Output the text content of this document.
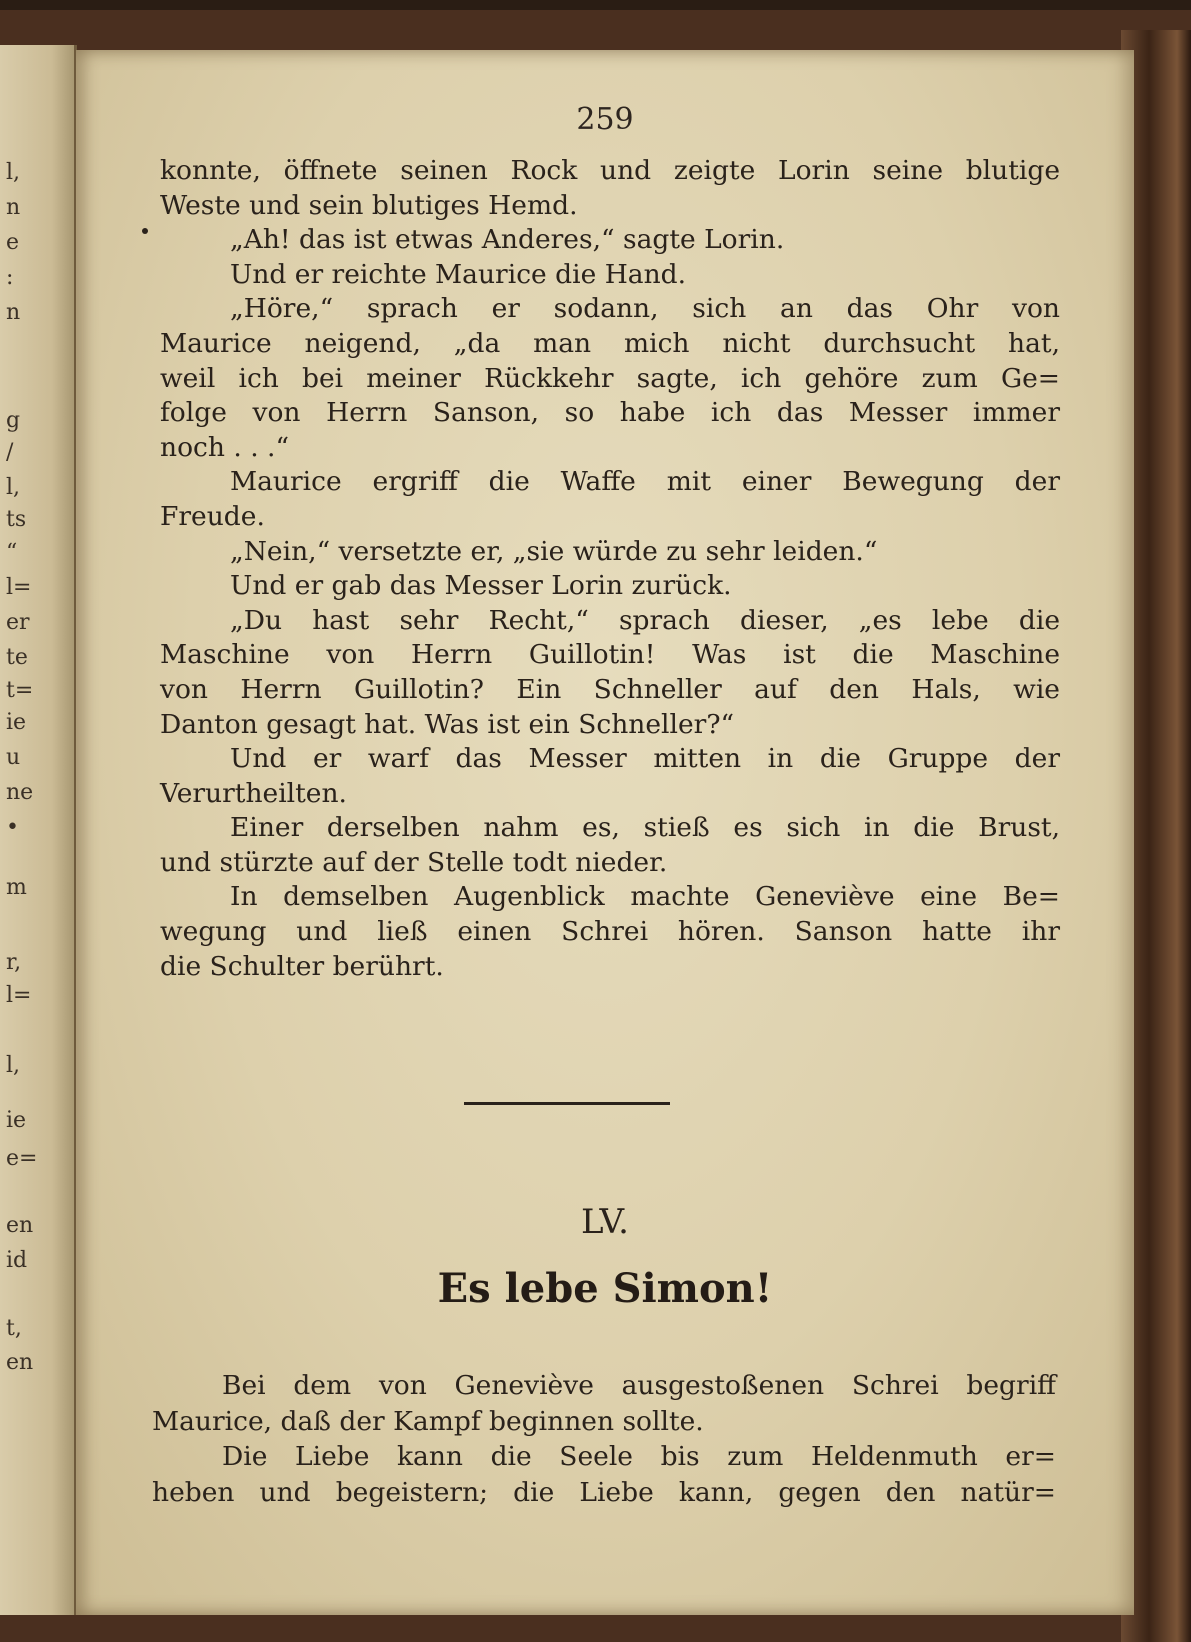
l,
n
e
:
n
g
/
l,
ts
“
l=
er
te
t=
ie
u
ne
•
m
r,
l=
l,
ie
e=
en
id
t,
en
259
konnte, öffnete seinen Rock und zeigte Lorin seine blutige
Weste und sein blutiges Hemd.
„Ah! das ist etwas Anderes,“ sagte Lorin.
Und er reichte Maurice die Hand.
„Höre,“ sprach er sodann, sich an das Ohr von
Maurice neigend, „da man mich nicht durchsucht hat,
weil ich bei meiner Rückkehr sagte, ich gehöre zum Ge=
folge von Herrn Sanson, so habe ich das Messer immer
noch . . .“
Maurice ergriff die Waffe mit einer Bewegung der
Freude.
„Nein,“ versetzte er, „sie würde zu sehr leiden.“
Und er gab das Messer Lorin zurück.
„Du hast sehr Recht,“ sprach dieser, „es lebe die
Maschine von Herrn Guillotin! Was ist die Maschine
von Herrn Guillotin? Ein Schneller auf den Hals, wie
Danton gesagt hat. Was ist ein Schneller?“
Und er warf das Messer mitten in die Gruppe der
Verurtheilten.
Einer derselben nahm es, stieß es sich in die Brust,
und stürzte auf der Stelle todt nieder.
In demselben Augenblick machte Geneviève eine Be=
wegung und ließ einen Schrei hören. Sanson hatte ihr
die Schulter berührt.
LV.
Es lebe Simon!
Bei dem von Geneviève ausgestoßenen Schrei begriff
Maurice, daß der Kampf beginnen sollte.
Die Liebe kann die Seele bis zum Heldenmuth er=
heben und begeistern; die Liebe kann, gegen den natür=
